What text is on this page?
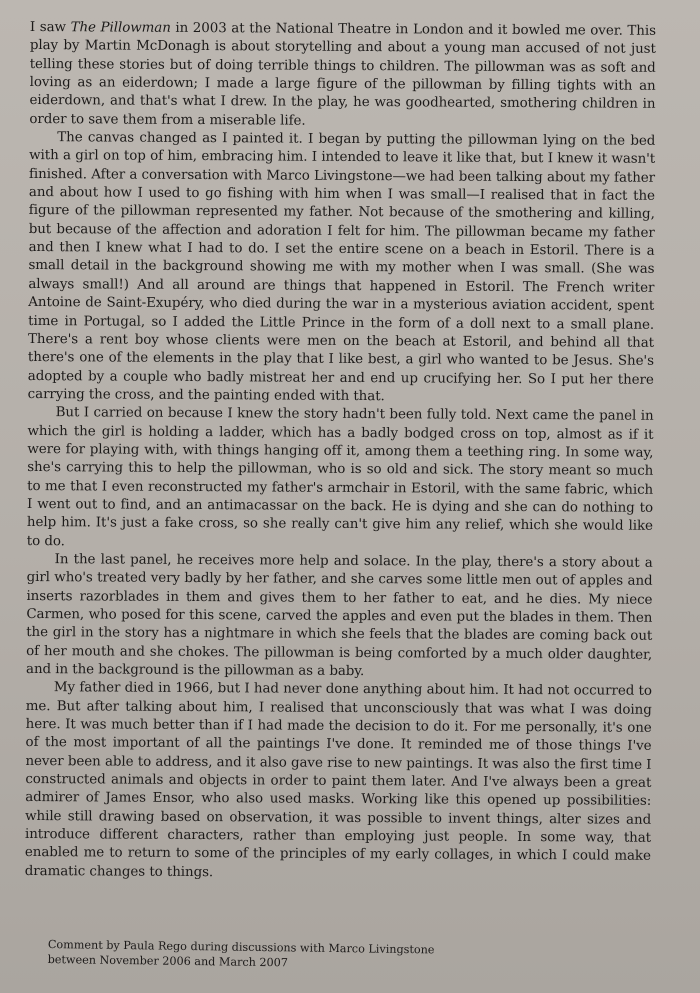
I saw The Pillowman in 2003 at the National Theatre in London and it bowled me over. This play by Martin McDonagh is about storytelling and about a young man accused of not just telling these stories but of doing terrible things to children. The pillowman was as soft and loving as an eiderdown; I made a large figure of the pillowman by filling tights with an eiderdown, and that's what I drew. In the play, he was goodhearted, smothering children in order to save them from a miserable life.

The canvas changed as I painted it. I began by putting the pillowman lying on the bed with a girl on top of him, embracing him. I intended to leave it like that, but I knew it wasn't finished. After a conversation with Marco Livingstone—we had been talking about my father and about how I used to go fishing with him when I was small—I realised that in fact the figure of the pillowman represented my father. Not because of the smothering and killing, but because of the affection and adoration I felt for him. The pillowman became my father and then I knew what I had to do. I set the entire scene on a beach in Estoril. There is a small detail in the background showing me with my mother when I was small. (She was always small!) And all around are things that happened in Estoril. The French writer Antoine de Saint-Exupéry, who died during the war in a mysterious aviation accident, spent time in Portugal, so I added the Little Prince in the form of a doll next to a small plane. There's a rent boy whose clients were men on the beach at Estoril, and behind all that there's one of the elements in the play that I like best, a girl who wanted to be Jesus. She's adopted by a couple who badly mistreat her and end up crucifying her. So I put her there carrying the cross, and the painting ended with that.

But I carried on because I knew the story hadn't been fully told. Next came the panel in which the girl is holding a ladder, which has a badly bodged cross on top, almost as if it were for playing with, with things hanging off it, among them a teething ring. In some way, she's carrying this to help the pillowman, who is so old and sick. The story meant so much to me that I even reconstructed my father's armchair in Estoril, with the same fabric, which I went out to find, and an antimacassar on the back. He is dying and she can do nothing to help him. It's just a fake cross, so she really can't give him any relief, which she would like to do.

In the last panel, he receives more help and solace. In the play, there's a story about a girl who's treated very badly by her father, and she carves some little men out of apples and inserts razorblades in them and gives them to her father to eat, and he dies. My niece Carmen, who posed for this scene, carved the apples and even put the blades in them. Then the girl in the story has a nightmare in which she feels that the blades are coming back out of her mouth and she chokes. The pillowman is being comforted by a much older daughter, and in the background is the pillowman as a baby.

My father died in 1966, but I had never done anything about him. It had not occurred to me. But after talking about him, I realised that unconsciously that was what I was doing here. It was much better than if I had made the decision to do it. For me personally, it's one of the most important of all the paintings I've done. It reminded me of those things I've never been able to address, and it also gave rise to new paintings. It was also the first time I constructed animals and objects in order to paint them later. And I've always been a great admirer of James Ensor, who also used masks. Working like this opened up possibilities: while still drawing based on observation, it was possible to invent things, alter sizes and introduce different characters, rather than employing just people. In some way, that enabled me to return to some of the principles of my early collages, in which I could make dramatic changes to things.

Comment by Paula Rego during discussions with Marco Livingstone
between November 2006 and March 2007
